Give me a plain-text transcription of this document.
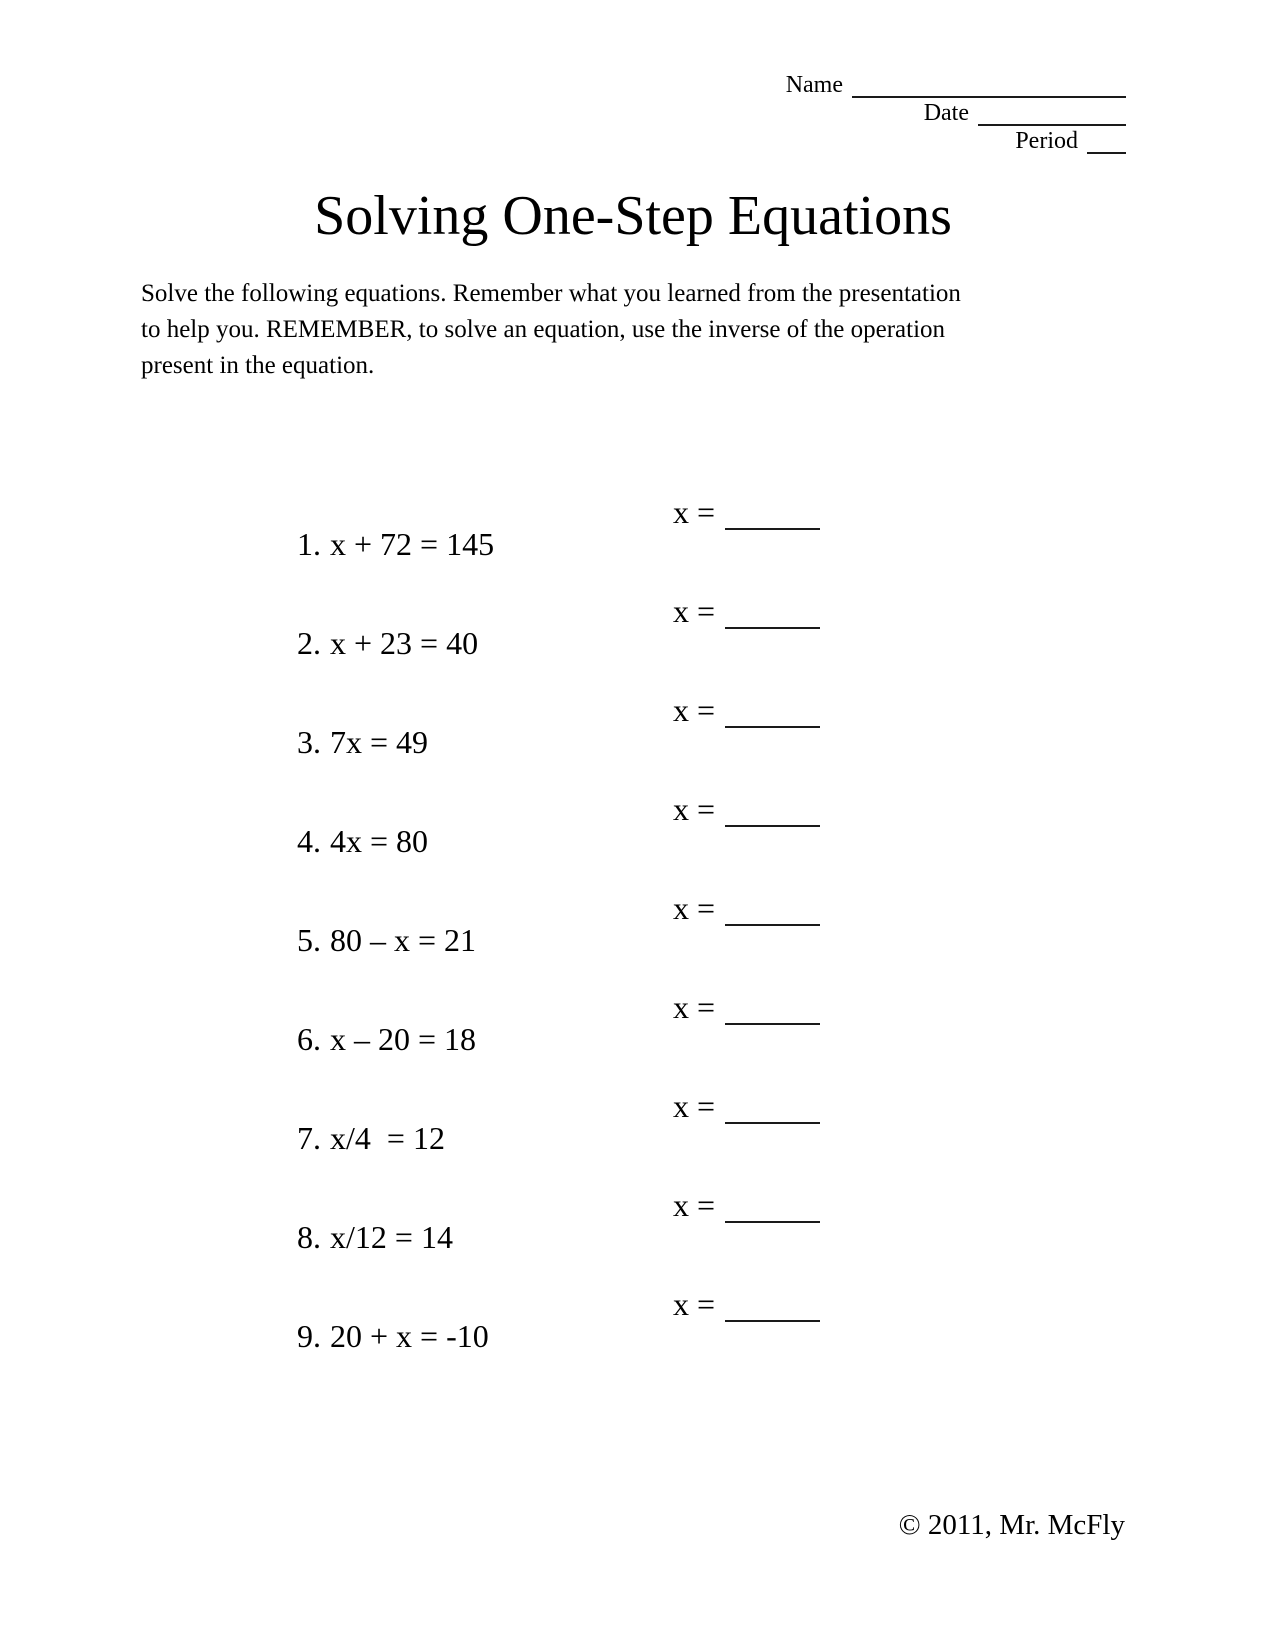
Name
Date
Period
Solving One-Step Equations
Solve the following equations. Remember what you learned from the presentation
to help you. REMEMBER, to solve an equation, use the inverse of the operation
present in the equation.

1. x + 72 = 145

x =

2. x + 23 = 40

x =

3. 7x = 49

x =

4. 4x = 80

x =

5. 80 – x = 21

x =

6. x – 20 = 18

x =

7. x/4  = 12

x =

8. x/12 = 14

x =

9. 20 + x = -10

x =

© 2011, Mr. McFly
